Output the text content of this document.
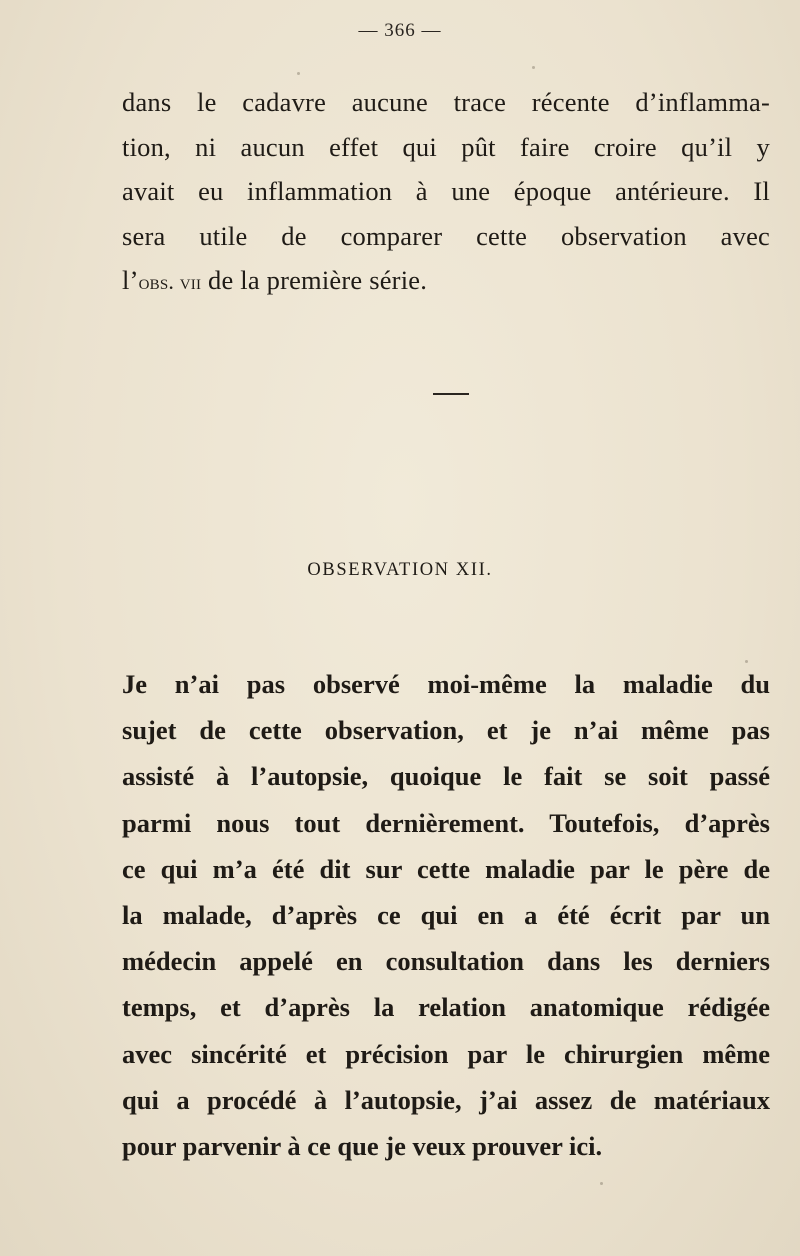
— 366 —
dans le cadavre aucune trace récente d’inflamma-
tion, ni aucun effet qui pût faire croire qu’il y
avait eu inflammation à une époque antérieure. Il
sera utile de comparer cette observation avec
l’obs. vii de la première série.
OBSERVATION XII.
Je n’ai pas observé moi-même la maladie du
sujet de cette observation, et je n’ai même pas
assisté à l’autopsie, quoique le fait se soit passé
parmi nous tout dernièrement. Toutefois, d’après
ce qui m’a été dit sur cette maladie par le père de
la malade, d’après ce qui en a été écrit par un
médecin appelé en consultation dans les derniers
temps, et d’après la relation anatomique rédigée
avec sincérité et précision par le chirurgien même
qui a procédé à l’autopsie, j’ai assez de matériaux
pour parvenir à ce que je veux prouver ici.
